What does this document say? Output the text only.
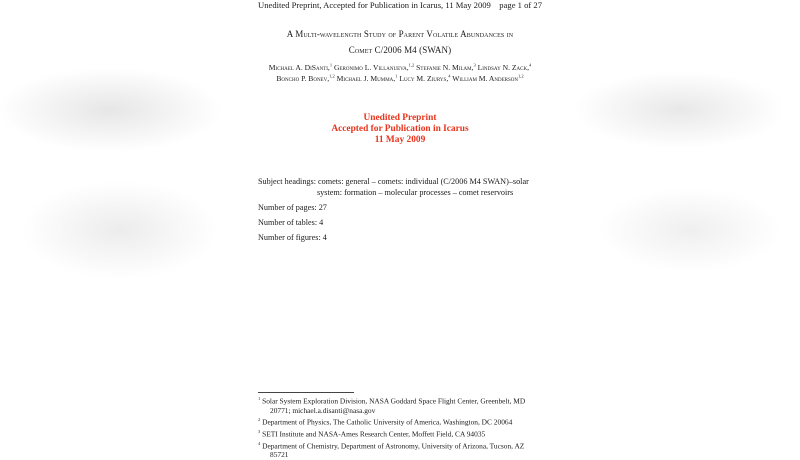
Unedited Preprint, Accepted for Publication in Icarus, 11 May 2009 page 1 of 27
A Multi-wavelength Study of Parent Volatile Abundances in
Comet C/2006 M4 (SWAN)
Michael A. DiSanti,$^1$ Geronimo L. Villanueva,$^{1,2}$ Stefanie N. Milam,$^3$ Lindsay N. Zack,$^4$ Boncho P. Bonev,$^{1,2}$ Michael J. Mumma,$^1$ Lucy M. Ziurys,$^4$ William M. Anderson$^{1,2}$
Unedited Preprint
Accepted for Publication in Icarus
11 May 2009
Subject headings: comets: general – comets: individual (C/2006 M4 SWAN)–solar
system: formation – molecular processes – comet reservoirs
Number of pages: 27
Number of tables: 4
Number of figures: 4
$^1$ Solar System Exploration Division, NASA Goddard Space Flight Center, Greenbelt, MD 20771; michael.a.disanti@nasa.gov
$^2$ Department of Physics, The Catholic University of America, Washington, DC 20064
$^3$ SETI Institute and NASA-Ames Research Center, Moffett Field, CA 94035
$^4$ Department of Chemistry, Department of Astronomy, University of Arizona, Tucson, AZ 85721
